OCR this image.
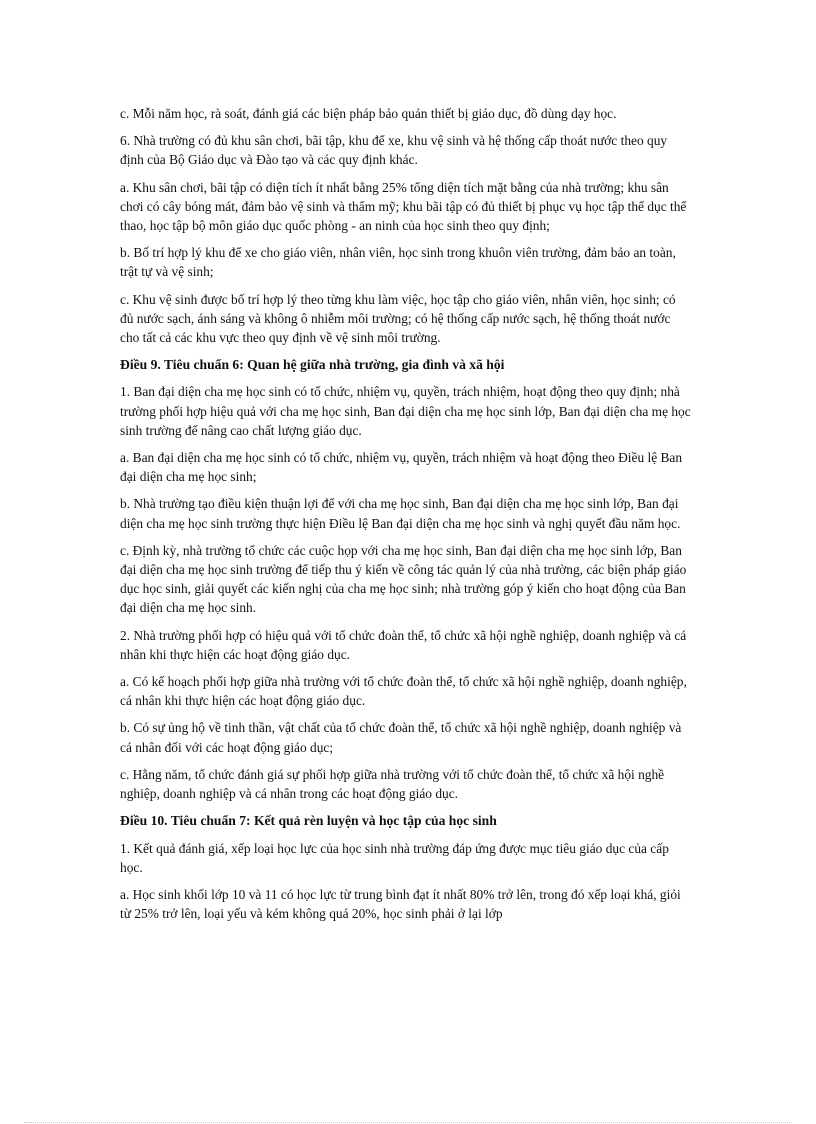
c. Mỗi năm học, rà soát, đánh giá các biện pháp bảo quản thiết bị giáo dục, đồ dùng dạy học.

6. Nhà trường có đủ khu sân chơi, bãi tập, khu để xe, khu vệ sinh và hệ thống cấp thoát nước theo quy định của Bộ Giáo dục và Đào tạo và các quy định khác.

a. Khu sân chơi, bãi tập có diện tích ít nhất bằng 25% tổng diện tích mặt bằng của nhà trường; khu sân chơi có cây bóng mát, đảm bảo vệ sinh và thẩm mỹ; khu bãi tập có đủ thiết bị phục vụ học tập thể dục thể thao, học tập bộ môn giáo dục quốc phòng - an ninh của học sinh theo quy định;

b. Bố trí hợp lý khu để xe cho giáo viên, nhân viên, học sinh trong khuôn viên trường, đảm bảo an toàn, trật tự và vệ sinh;

c. Khu vệ sinh được bố trí hợp lý theo từng khu làm việc, học tập cho giáo viên, nhân viên, học sinh; có đủ nước sạch, ánh sáng và không ô nhiễm môi trường; có hệ thống cấp nước sạch, hệ thống thoát nước cho tất cả các khu vực theo quy định về vệ sinh môi trường.

Điều 9. Tiêu chuẩn 6: Quan hệ giữa nhà trường, gia đình và xã hội

1. Ban đại diện cha mẹ học sinh có tổ chức, nhiệm vụ, quyền, trách nhiệm, hoạt động theo quy định; nhà trường phối hợp hiệu quả với cha mẹ học sinh, Ban đại diện cha mẹ học sinh lớp, Ban đại diện cha mẹ học sinh trường để nâng cao chất lượng giáo dục.

a. Ban đại diện cha mẹ học sinh có tổ chức, nhiệm vụ, quyền, trách nhiệm và hoạt động theo Điều lệ Ban đại diện cha mẹ học sinh;

b. Nhà trường tạo điều kiện thuận lợi để với cha mẹ học sinh, Ban đại diện cha mẹ học sinh lớp, Ban đại diện cha mẹ học sinh trường thực hiện Điều lệ Ban đại diện cha mẹ học sinh và nghị quyết đầu năm học.

c. Định kỳ, nhà trường tổ chức các cuộc họp với cha mẹ học sinh, Ban đại diện cha mẹ học sinh lớp, Ban đại diện cha mẹ học sinh trường để tiếp thu ý kiến về công tác quản lý của nhà trường, các biện pháp giáo dục học sinh, giải quyết các kiến nghị của cha mẹ học sinh; nhà trường góp ý kiến cho hoạt động của Ban đại diện cha mẹ học sinh.

2. Nhà trường phối hợp có hiệu quả với tổ chức đoàn thể, tổ chức xã hội nghề nghiệp, doanh nghiệp và cá nhân khi thực hiện các hoạt động giáo dục.

a. Có kế hoạch phối hợp giữa nhà trường với tổ chức đoàn thể, tổ chức xã hội nghề nghiệp, doanh nghiệp, cá nhân khi thực hiện các hoạt động giáo dục.

b. Có sự ủng hộ về tinh thần, vật chất của tổ chức đoàn thể, tổ chức xã hội nghề nghiệp, doanh nghiệp và cá nhân đối với các hoạt động giáo dục;

c. Hằng năm, tổ chức đánh giá sự phối hợp giữa nhà trường với tổ chức đoàn thể, tổ chức xã hội nghề nghiệp, doanh nghiệp và cá nhân trong các hoạt động giáo dục.

Điều 10. Tiêu chuẩn 7: Kết quả rèn luyện và học tập của học sinh

1. Kết quả đánh giá, xếp loại học lực của học sinh nhà trường đáp ứng được mục tiêu giáo dục của cấp học.

a. Học sinh khối lớp 10 và 11 có học lực từ trung bình đạt ít nhất 80% trở lên, trong đó xếp loại khá, giỏi từ 25% trở lên, loại yếu và kém không quá 20%, học sinh phải ở lại lớp
